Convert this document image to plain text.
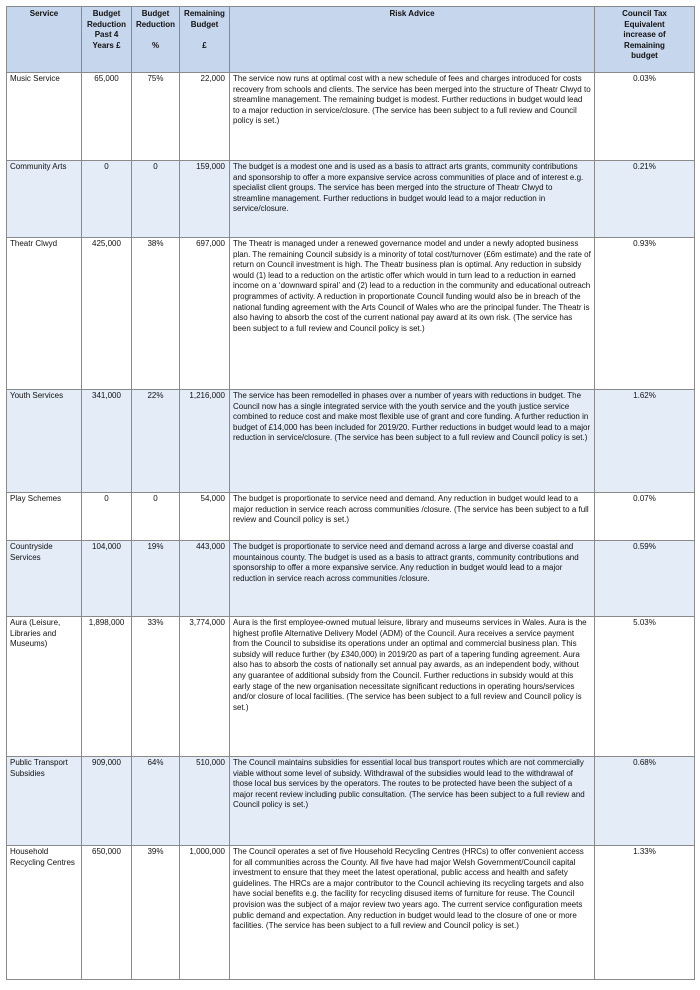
Service	Budget
Reduction
Past 4
Years £	Budget
Reduction

%	Remaining
Budget

£	Risk Advice	Council Tax
Equivalent
increase of
Remaining
budget

Music Service	65,000	75%	22,000	The service now runs at optimal cost with a new schedule of fees and charges introduced for costs recovery from schools and clients. The service has been merged into the structure of Theatr Clwyd to streamline management. The remaining budget is modest. Further reductions in budget would lead to a major reduction in service/closure. (The service has been subject to a full review and Council policy is set.)	0.03%
Community Arts	0	0	159,000	The budget is a modest one and is used as a basis to attract arts grants, community contributions and sponsorship to offer a more expansive service across communities of place and of interest e.g. specialist client groups. The service has been merged into the structure of Theatr Clwyd to streamline management. Further reductions in budget would lead to a major reduction in service/closure.	0.21%
Theatr Clwyd	425,000	38%	697,000	The Theatr is managed under a renewed governance model and under a newly adopted business plan. The remaining Council subsidy is a minority of total cost/turnover (£6m estimate) and the rate of return on Council investment is high. The Theatr business plan is optimal. Any reduction in subsidy would (1) lead to a reduction on the artistic offer which would in turn lead to a reduction in earned income on a ‘downward spiral’ and (2) lead to a reduction in the community and educational outreach programmes of activity. A reduction in proportionate Council funding would also be in breach of the national funding agreement with the Arts Council of Wales who are the principal funder. The Theatr is also having to absorb the cost of the current national pay award at its own risk. (The service has been subject to a full review and Council policy is set.)	0.93%
Youth Services	341,000	22%	1,216,000	The service has been remodelled in phases over a number of years with reductions in budget. The Council now has a single integrated service with the youth service and the youth justice service combined to reduce cost and make most flexible use of grant and core funding. A further reduction in budget of £14,000 has been included for 2019/20. Further reductions in budget would lead to a major reduction in service/closure. (The service has been subject to a full review and Council policy is set.)	1.62%
Play Schemes	0	0	54,000	The budget is proportionate to service need and demand. Any reduction in budget would lead to a major reduction in service reach across communities /closure. (The service has been subject to a full review and Council policy is set.)	0.07%
Countryside Services	104,000	19%	443,000	The budget is proportionate to service need and demand across a large and diverse coastal and mountainous county. The budget is used as a basis to attract grants, community contributions and sponsorship to offer a more expansive service. Any reduction in budget would lead to a major reduction in service reach across communities /closure.	0.59%
Aura (Leisure, Libraries and Museums)	1,898,000	33%	3,774,000	Aura is the first employee-owned mutual leisure, library and museums services in Wales. Aura is the highest profile Alternative Delivery Model (ADM) of the Council. Aura receives a service payment from the Council to subsidise its operations under an optimal and commercial business plan. This subsidy will reduce further (by £340,000) in 2019/20 as part of a tapering funding agreement. Aura also has to absorb the costs of nationally set annual pay awards, as an independent body, without any guarantee of additional subsidy from the Council. Further reductions in subsidy would at this early stage of the new organisation necessitate significant reductions in operating hours/services and/or closure of local facilities. (The service has been subject to a full review and Council policy is set.)	5.03%
Public Transport Subsidies	909,000	64%	510,000	The Council maintains subsidies for essential local bus transport routes which are not commercially viable without some level of subsidy. Withdrawal of the subsidies would lead to the withdrawal of those local bus services by the operators. The routes to be protected have been the subject of a major recent review including public consultation. (The service has been subject to a full review and Council policy is set.)	0.68%
Household Recycling Centres	650,000	39%	1,000,000	The Council operates a set of five Household Recycling Centres (HRCs) to offer convenient access for all communities across the County. All five have had major Welsh Government/Council capital investment to ensure that they meet the latest operational, public access and health and safety guidelines. The HRCs are a major contributor to the Council achieving its recycling targets and also have social benefits e.g. the facility for recycling disused items of furniture for reuse. The Council provision was the subject of a major review two years ago. The current service configuration meets public demand and expectation. Any reduction in budget would lead to the closure of one or more facilities. (The service has been subject to a full review and Council policy is set.)	1.33%
